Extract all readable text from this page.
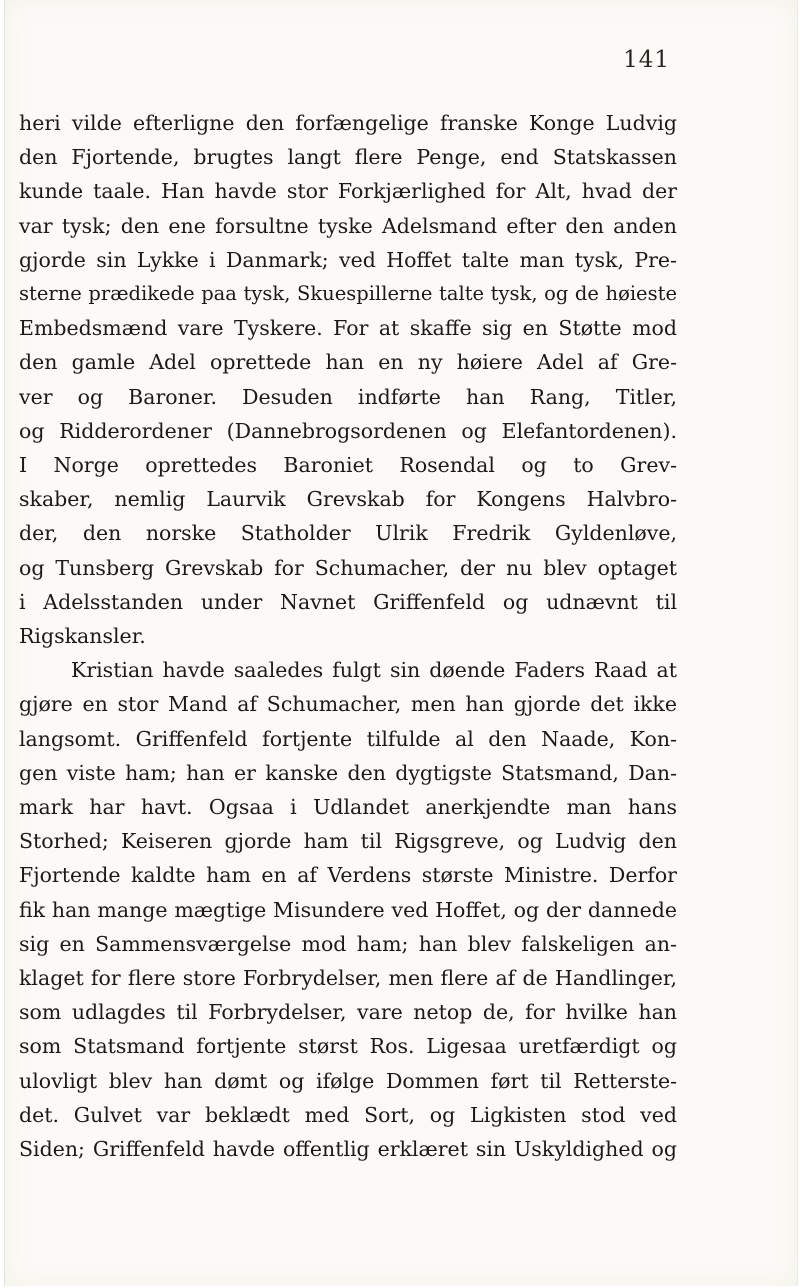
141
heri vilde efterligne den forfængelige franske Konge Ludvig
den Fjortende, brugtes langt flere Penge, end Statskassen
kunde taale. Han havde stor Forkjærlighed for Alt, hvad der
var tysk; den ene forsultne tyske Adelsmand efter den anden
gjorde sin Lykke i Danmark; ved Hoffet talte man tysk, Pre-
sterne prædikede paa tysk, Skuespillerne talte tysk, og de høieste
Embedsmænd vare Tyskere. For at skaffe sig en Støtte mod
den gamle Adel oprettede han en ny høiere Adel af Gre-
ver og Baroner. Desuden indførte han Rang, Titler,
og Ridderordener (Dannebrogsordenen og Elefantordenen).
I Norge oprettedes Baroniet Rosendal og to Grev-
skaber, nemlig Laurvik Grevskab for Kongens Halvbro-
der, den norske Statholder Ulrik Fredrik Gyldenløve,
og Tunsberg Grevskab for Schumacher, der nu blev optaget
i Adelsstanden under Navnet Griffenfeld og udnævnt til
Rigskansler.
Kristian havde saaledes fulgt sin døende Faders Raad at
gjøre en stor Mand af Schumacher, men han gjorde det ikke
langsomt. Griffenfeld fortjente tilfulde al den Naade, Kon-
gen viste ham; han er kanske den dygtigste Statsmand, Dan-
mark har havt. Ogsaa i Udlandet anerkjendte man hans
Storhed; Keiseren gjorde ham til Rigsgreve, og Ludvig den
Fjortende kaldte ham en af Verdens største Ministre. Derfor
fik han mange mægtige Misundere ved Hoffet, og der dannede
sig en Sammensværgelse mod ham; han blev falskeligen an-
klaget for flere store Forbrydelser, men flere af de Handlinger,
som udlagdes til Forbrydelser, vare netop de, for hvilke han
som Statsmand fortjente størst Ros. Ligesaa uretfærdigt og
ulovligt blev han dømt og ifølge Dommen ført til Retterste-
det. Gulvet var beklædt med Sort, og Ligkisten stod ved
Siden; Griffenfeld havde offentlig erklæret sin Uskyldighed og
